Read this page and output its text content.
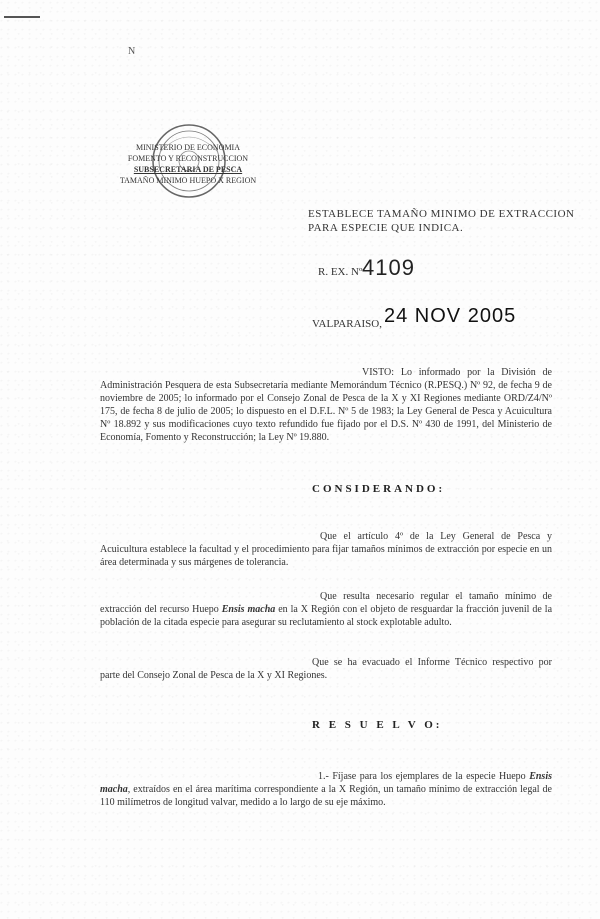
N
MINISTERIO DE ECONOMIA
FOMENTO Y RECONSTRUCCION
SUBSECRETARIA DE PESCA
TAMAÑO MINIMO HUEPO X REGION
ESTABLECE TAMAÑO MINIMO DE EXTRACCION
PARA ESPECIE QUE INDICA.
R. EX. Nº 4109
VALPARAISO, 24 NOV 2005
VISTO: Lo informado por la División de Administración Pesquera de esta Subsecretaría mediante Memorándum Técnico (R.PESQ.) Nº 92, de fecha 9 de noviembre de 2005; lo informado por el Consejo Zonal de Pesca de la X y XI Regiones mediante ORD/Z4/Nº 175, de fecha 8 de julio de 2005; lo dispuesto en el D.F.L. Nº 5 de 1983; la Ley General de Pesca y Acuicultura Nº 18.892 y sus modificaciones cuyo texto refundido fue fijado por el D.S. Nº 430 de 1991, del Ministerio de Economía, Fomento y Reconstrucción; la Ley Nº 19.880.
CONSIDERANDO:
Que el artículo 4º de la Ley General de Pesca y Acuicultura establece la facultad y el procedimiento para fijar tamaños mínimos de extracción por especie en un área determinada y sus márgenes de tolerancia.
Que resulta necesario regular el tamaño mínimo de extracción del recurso Huepo Ensis macha en la X Región con el objeto de resguardar la fracción juvenil de la población de la citada especie para asegurar su reclutamiento al stock explotable adulto.
Que se ha evacuado el Informe Técnico respectivo por parte del Consejo Zonal de Pesca de la X y XI Regiones.
R E S U E L V O:
1.- Fíjase para los ejemplares de la especie Huepo Ensis macha, extraídos en el área marítima correspondiente a la X Región, un tamaño mínimo de extracción legal de 110 milímetros de longitud valvar, medido a lo largo de su eje máximo.
